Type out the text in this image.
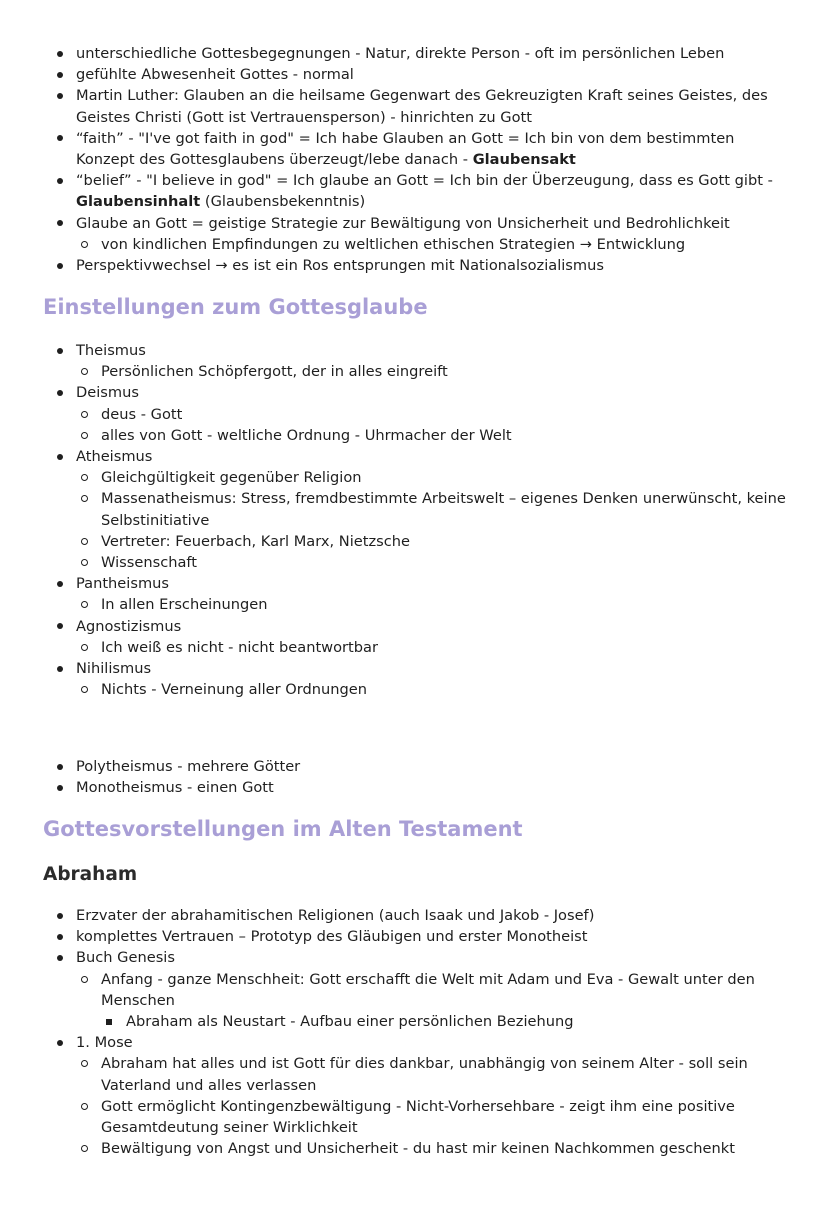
unterschiedliche Gottesbegegnungen - Natur, direkte Person - oft im persönlichen Leben
gefühlte Abwesenheit Gottes - normal
Martin Luther: Glauben an die heilsame Gegenwart des Gekreuzigten Kraft seines Geistes, des Geistes Christi (Gott ist Vertrauensperson) - hinrichten zu Gott
“faith” - "I've got faith in god" = Ich habe Glauben an Gott = Ich bin von dem bestimmten Konzept des Gottesglaubens überzeugt/lebe danach - Glaubensakt
“belief” - "I believe in god" = Ich glaube an Gott = Ich bin der Überzeugung, dass es Gott gibt - Glaubensinhalt (Glaubensbekenntnis)
Glaube an Gott = geistige Strategie zur Bewältigung von Unsicherheit und Bedrohlichkeit
von kindlichen Empfindungen zu weltlichen ethischen Strategien → Entwicklung
Perspektivwechsel → es ist ein Ros entsprungen mit Nationalsozialismus
Einstellungen zum Gottesglaube
Theismus
Persönlichen Schöpfergott, der in alles eingreift
Deismus
deus - Gott
alles von Gott - weltliche Ordnung - Uhrmacher der Welt
Atheismus
Gleichgültigkeit gegenüber Religion
Massenatheismus: Stress, fremdbestimmte Arbeitswelt – eigenes Denken unerwünscht, keine Selbstinitiative
Vertreter: Feuerbach, Karl Marx, Nietzsche
Wissenschaft
Pantheismus
In allen Erscheinungen
Agnostizismus
Ich weiß es nicht - nicht beantwortbar
Nihilismus
Nichts - Verneinung aller Ordnungen
Polytheismus - mehrere Götter
Monotheismus - einen Gott
Gottesvorstellungen im Alten Testament
Abraham
Erzvater der abrahamitischen Religionen (auch Isaak und Jakob - Josef)
komplettes Vertrauen – Prototyp des Gläubigen und erster Monotheist
Buch Genesis
Anfang - ganze Menschheit: Gott erschafft die Welt mit Adam und Eva - Gewalt unter den Menschen
Abraham als Neustart - Aufbau einer persönlichen Beziehung
1. Mose
Abraham hat alles und ist Gott für dies dankbar, unabhängig von seinem Alter - soll sein Vaterland und alles verlassen
Gott ermöglicht Kontingenzbewältigung - Nicht-Vorhersehbare - zeigt ihm eine positive Gesamtdeutung seiner Wirklichkeit
Bewältigung von Angst und Unsicherheit - du hast mir keinen Nachkommen geschenkt
